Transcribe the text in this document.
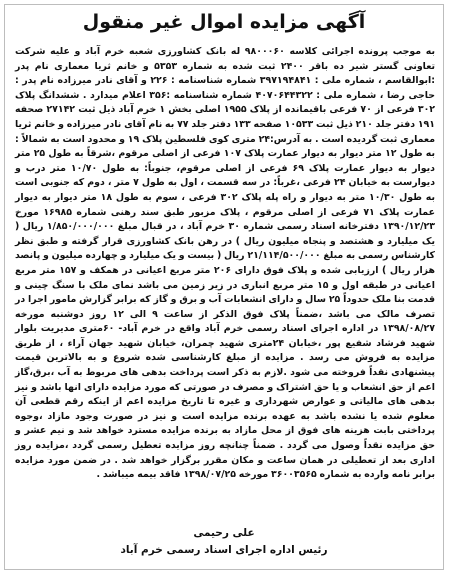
آگهی مزایده اموال غیر منقول
به موجب پرونده اجرائی کلاسه ۹۸۰۰۰۶۰ له بانک کشاورزی شعبه خرم آباد و علیه شرکت تعاونی گستر شیر ده باقر ۲۴۰۰ ثبت شده به شماره ۵۳۵۳ و خانم ثریا معماری نام پدر :ابوالقاسم ، شماره ملی : ۳۹۷۱۹۴۸۴۱ شماره شناسنامه : ۲۲۶ و آقای نادر میرزاده نام پدر : حاجی رضا ، شماره ملی : ۴۰۷۰۶۴۴۳۲۲ شماره شناسنامه :۳۵۶ اعلام میدارد . ششدانگ پلاک ۳۰۲ فرعی از ۷۰ فرعی باقیمانده از پلاک ۱۹۵۵ اصلی بخش ۱ خرم آباد ذیل ثبت ۲۷۱۴۲ صحفه ۱۹۱ دفتر جلد ۲۱۰ ذیل ثبت ۱۰۵۳۳ صفحه ۱۳۳ دفتر جلد ۷۷ به نام آقای نادر میرزاده و خانم ثریا معماری ثبت گردیده است . به آدرس:۲۴ متری کوی فلسطین پلاک ۱۹ و محدود است به شمالاً : به طول ۱۲ متر دیوار به دیوار عمارت پلاک ۱۰۷ فرعی از اصلی مرقوم ،شرقاً به طول ۲۵ متر دیوار به دیوار عمارت پلاک ۶۹ فرعی از اصلی مرقوم، جنوباً: به طول ۱۰/۷۰ متر درب و دیوارست به خیابان ۲۴ فرعی ،غرباً: در سه قسمت ، اول به طول ۷ متر ، دوم که جنوبی است به طول ۱۰/۳۰ متر به دیوار و راه پله پلاک ۳۰۲ فرعی ، سوم به طول ۱۸ متر دیوار به دیوار عمارت پلاک ۷۱ فرعی از اصلی مرقوم ، پلاک مزبور طبق سند رهنی شماره ۱۶۹۸۵ مورخ ۱۳۹۰/۱۲/۲۳ دفترخانه اسناد رسمی شماره ۳۰ خرم آباد ، در قبال مبلغ ۱/۸۵۰/۰۰۰/۰۰۰ ریال ( یک میلیارد و هشتصد و پنجاه میلیون ریال ) در رهن بانک کشاورزی قرار گرفته و طبق نظر کارشناس رسمی به مبلغ ۲۱/۱۱۴/۵۰۰/۰۰۰ ریال ( بیست و یک میلیارد و چهارده میلیون و پانصد هزار ریال ) ارزیابی شده و پلاک فوق دارای ۲۰۶ متر مربع اعیانی در همکف و ۱۵۷ متر مربع اعیانی در طبقه اول و ۱۵ متر مربع انباری در زیر زمین می باشد نمای ملک با سنگ چینی و قدمت بنا ملک حدوداً ۲۵ سال و دارای انشعابات آب و برق و گاز که برابر گزارش مامور اجرا در تصرف مالک می باشد ،ضمناً پلاک فوق الذکر از ساعت ۹ الی ۱۲ روز دوشنبه مورخه ۱۳۹۸/۰۸/۲۷ در اداره اجرای اسناد رسمی خرم آباد واقع در خرم آباد- ۶۰متری مدیریت بلوار شهید فرشاد شفیع پور ،خیابان ۲۴متری شهید چمران، خیابان شهید جهان آراء ، از طریق مزایده به فروش می رسد . مزایده از مبلغ کارشناسی شده شروع و به بالاترین قیمت پیشنهادی نقداً فروخته می شود .لازم به ذکر است پرداخت بدهی های مربوط به آب ،برق،گاز اعم از حق انشعاب و یا حق اشتراک و مصرف در صورتی که مورد مزایده دارای انها باشد و نیز بدهی های مالیاتی و عوارض شهرداری و غیره تا تاریخ مزایده اعم از اینکه رقم قطعی آن معلوم شده یا نشده باشد به عهده برنده مزایده است و نیز در صورت وجود مازاد ،وجوه پرداختی بابت هزینه های فوق از محل مازاد به برنده مزایده مسترد خواهد شد و نیم عشر و حق مزایده نقداً وصول می گردد . ضمناً چنانچه روز مزایده تعطیل رسمی گردد ،مزایده روز اداری بعد از تعطیلی در همان ساعت و مکان مقرر برگزار خواهد شد . در ضمن مورد مزایده برابر نامه وارده به شماره ۳۶۰۰۳۵۶۵ مورخه ۱۳۹۸/۰۷/۲۵ فاقد بیمه میباشد .
علی رحیمی
رئیس اداره اجرای اسناد رسمی خرم آباد
